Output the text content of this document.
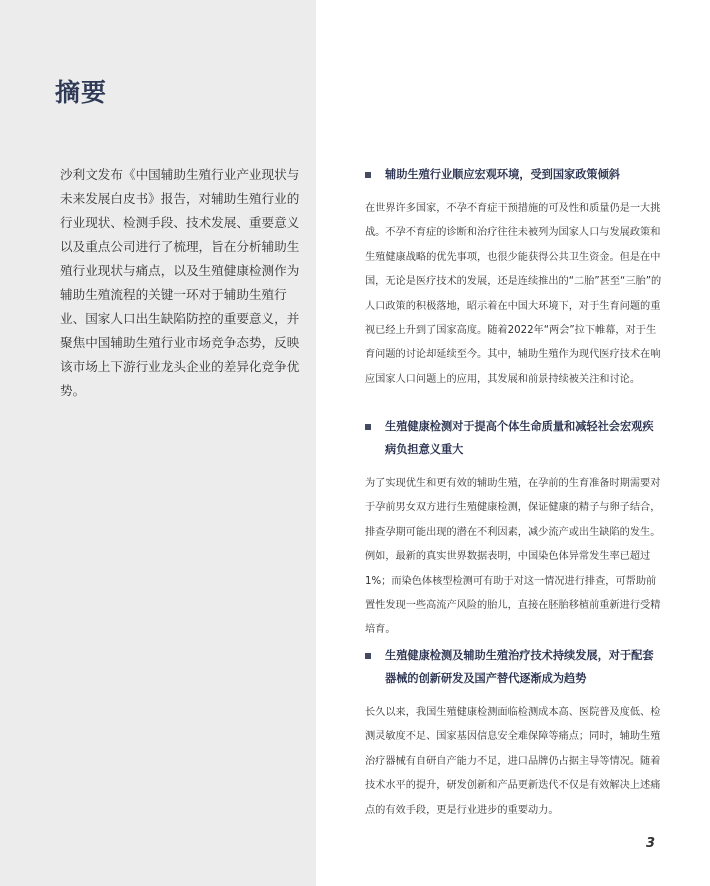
摘要

沙利文发布《中国辅助生殖行业产业现状与未来发展白皮书》报告，对辅助生殖行业的行业现状、检测手段、技术发展、重要意义以及重点公司进行了梳理，旨在分析辅助生殖行业现状与痛点，以及生殖健康检测作为辅助生殖流程的关键一环对于辅助生殖行业、国家人口出生缺陷防控的重要意义，并聚焦中国辅助生殖行业市场竞争态势，反映该市场上下游行业龙头企业的差异化竞争优势。

辅助生殖行业顺应宏观环境，受到国家政策倾斜

在世界许多国家，不孕不育症干预措施的可及性和质量仍是一大挑战。不孕不育症的诊断和治疗往往未被列为国家人口与发展政策和生殖健康战略的优先事项，也很少能获得公共卫生资金。但是在中国，无论是医疗技术的发展，还是连续推出的“二胎”甚至“三胎”的人口政策的积极落地，昭示着在中国大环境下，对于生育问题的重视已经上升到了国家高度。随着2022年“两会”拉下帷幕，对于生育问题的讨论却延续至今。其中，辅助生殖作为现代医疗技术在响应国家人口问题上的应用，其发展和前景持续被关注和讨论。

生殖健康检测对于提高个体生命质量和减轻社会宏观疾病负担意义重大

为了实现优生和更有效的辅助生殖，在孕前的生育准备时期需要对于孕前男女双方进行生殖健康检测，保证健康的精子与卵子结合，排查孕期可能出现的潜在不利因素，减少流产或出生缺陷的发生。例如，最新的真实世界数据表明，中国染色体异常发生率已超过1%；而染色体核型检测可有助于对这一情况进行排查，可帮助前置性发现一些高流产风险的胎儿，直接在胚胎移植前重新进行受精培育。

生殖健康检测及辅助生殖治疗技术持续发展，对于配套器械的创新研发及国产替代逐渐成为趋势

长久以来，我国生殖健康检测面临检测成本高、医院普及度低、检测灵敏度不足、国家基因信息安全难保障等痛点；同时，辅助生殖治疗器械有自研自产能力不足，进口品牌仍占据主导等情况。随着技术水平的提升，研发创新和产品更新迭代不仅是有效解决上述痛点的有效手段，更是行业进步的重要动力。

3
